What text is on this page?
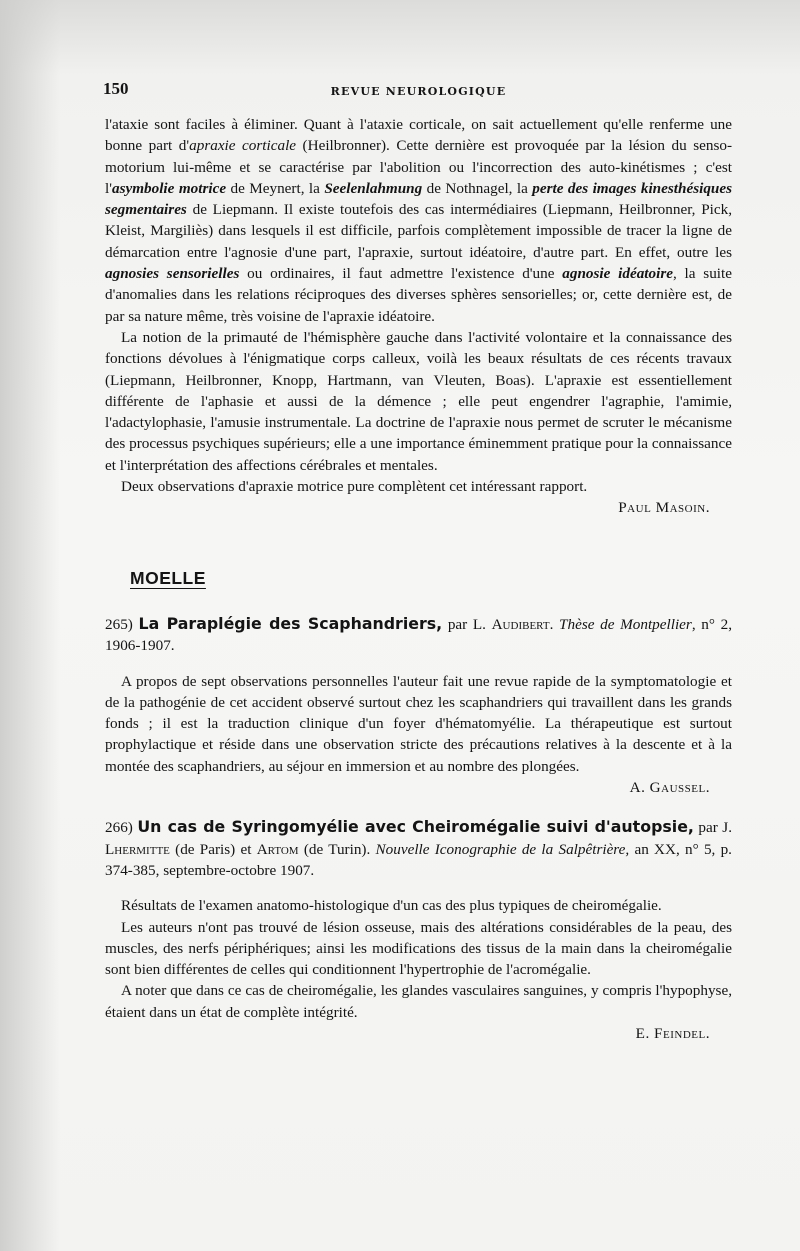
150	REVUE NEUROLOGIQUE

l'ataxie sont faciles à éliminer. Quant à l'ataxie corticale, on sait actuellement qu'elle renferme une bonne part d'apraxie corticale (Heilbronner). Cette dernière est provoquée par la lésion du senso-motorium lui-même et se caractérise par l'abolition ou l'incorrection des auto-kinétismes ; c'est l'asymbolie motrice de Meynert, la Seelenlahmung de Nothnagel, la perte des images kinesthésiques segmentaires de Liepmann. Il existe toutefois des cas intermédiaires (Liepmann, Heilbronner, Pick, Kleist, Margiliès) dans lesquels il est difficile, parfois complètement impossible de tracer la ligne de démarcation entre l'agnosie d'une part, l'apraxie, surtout idéatoire, d'autre part. En effet, outre les agnosies sensorielles ou ordinaires, il faut admettre l'existence d'une agnosie idéatoire, la suite d'anomalies dans les relations réciproques des diverses sphères sensorielles; or, cette dernière est, de par sa nature même, très voisine de l'apraxie idéatoire.

La notion de la primauté de l'hémisphère gauche dans l'activité volontaire et la connaissance des fonctions dévolues à l'énigmatique corps calleux, voilà les beaux résultats de ces récents travaux (Liepmann, Heilbronner, Knopp, Hartmann, van Vleuten, Boas). L'apraxie est essentiellement différente de l'aphasie et aussi de la démence ; elle peut engendrer l'agraphie, l'amimie, l'adactylophasie, l'amusie instrumentale. La doctrine de l'apraxie nous permet de scruter le mécanisme des processus psychiques supérieurs; elle a une importance éminemment pratique pour la connaissance et l'interprétation des affections cérébrales et mentales.

Deux observations d'apraxie motrice pure complètent cet intéressant rapport.

Paul Masoin.

MOELLE

265) La Paraplégie des Scaphandriers, par L. Audibert. Thèse de Montpellier, n° 2, 1906-1907.

A propos de sept observations personnelles l'auteur fait une revue rapide de la symptomatologie et de la pathogénie de cet accident observé surtout chez les scaphandriers qui travaillent dans les grands fonds ; il est la traduction clinique d'un foyer d'hématomyélie. La thérapeutique est surtout prophylactique et réside dans une observation stricte des précautions relatives à la descente et à la montée des scaphandriers, au séjour en immersion et au nombre des plongées.

A. Gaussel.

266) Un cas de Syringomyélie avec Cheiromégalie suivi d'autopsie, par J. Lhermitte (de Paris) et Artom (de Turin). Nouvelle Iconographie de la Salpêtrière, an XX, n° 5, p. 374-385, septembre-octobre 1907.

Résultats de l'examen anatomo-histologique d'un cas des plus typiques de cheiromégalie.

Les auteurs n'ont pas trouvé de lésion osseuse, mais des altérations considérables de la peau, des muscles, des nerfs périphériques; ainsi les modifications des tissus de la main dans la cheiromégalie sont bien différentes de celles qui conditionnent l'hypertrophie de l'acromégalie.

A noter que dans ce cas de cheiromégalie, les glandes vasculaires sanguines, y compris l'hypophyse, étaient dans un état de complète intégrité.

E. Feindel.
